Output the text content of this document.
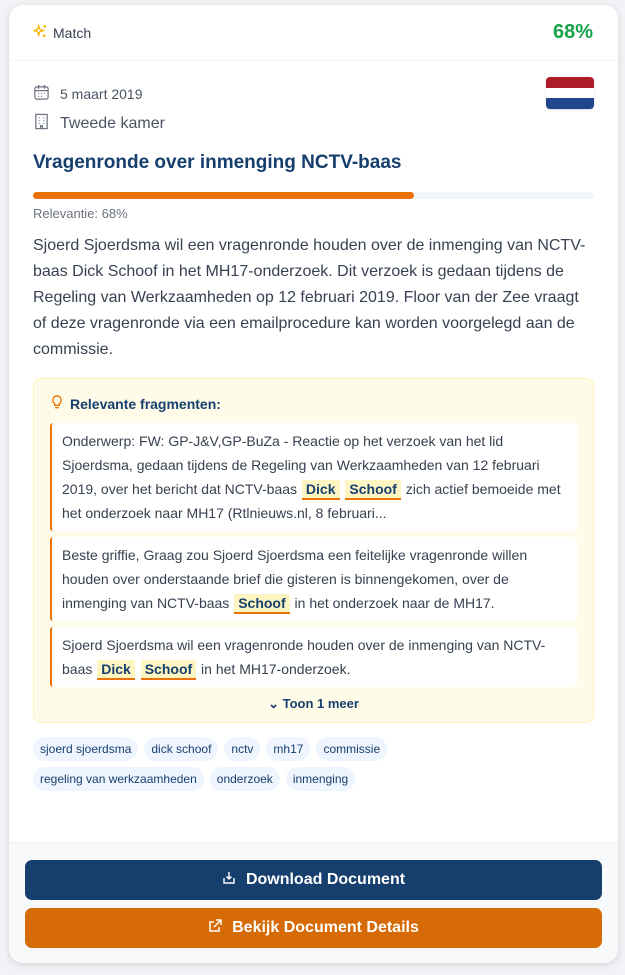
Match	68%
5 maart 2019
Tweede kamer
Vragenronde over inmenging NCTV-baas
Relevantie: 68%

Sjoerd Sjoerdsma wil een vragenronde houden over de inmenging van NCTV-baas Dick Schoof in het MH17-onderzoek. Dit verzoek is gedaan tijdens de Regeling van Werkzaamheden op 12 februari 2019. Floor van der Zee vraagt of deze vragenronde via een emailprocedure kan worden voorgelegd aan de commissie.

Relevante fragmenten:
Onderwerp: FW: GP-J&V,GP-BuZa - Reactie op het verzoek van het lid Sjoerdsma, gedaan tijdens de Regeling van Werkzaamheden van 12 februari 2019, over het bericht dat NCTV-baas Dick Schoof zich actief bemoeide met het onderzoek naar MH17 (Rtlnieuws.nl, 8 februari...
Beste griffie, Graag zou Sjoerd Sjoerdsma een feitelijke vragenronde willen houden over onderstaande brief die gisteren is binnengekomen, over de inmenging van NCTV-baas Schoof in het onderzoek naar de MH17.
Sjoerd Sjoerdsma wil een vragenronde houden over de inmenging van NCTV-baas Dick Schoof in het MH17-onderzoek.
⌄ Toon 1 meer
sjoerd sjoerdsma	dick schoof	nctv	mh17	commissie
regeling van werkzaamheden	onderzoek	inmenging
Download Document
Bekijk Document Details
